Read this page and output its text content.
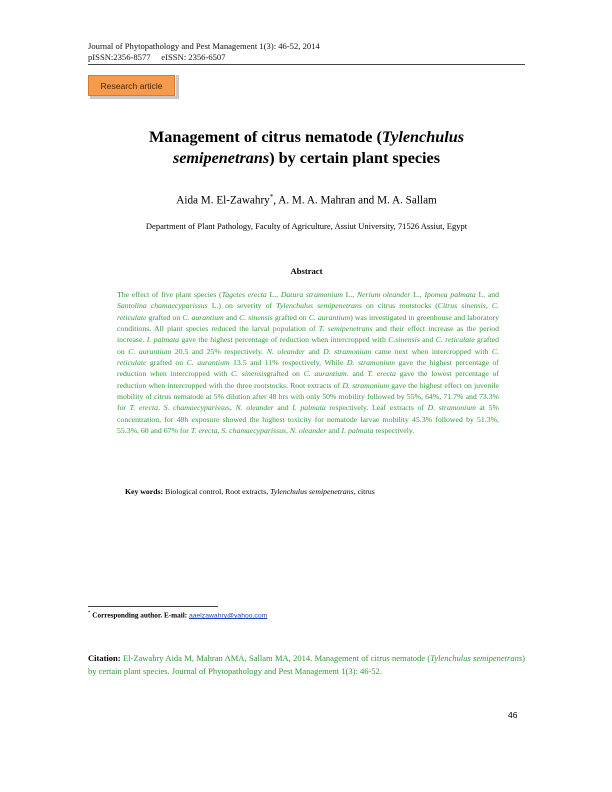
Journal of Phytopathology and Pest Management 1(3): 46-52, 2014
pISSN:2356-8577     eISSN: 2356-6507
Research article
Management of citrus nematode (Tylenchulus
semipenetrans) by certain plant species
Aida M. El-Zawahry*, A. M. A. Mahran and M. A. Sallam
Department of Plant Pathology, Faculty of Agriculture, Assiut University, 71526 Assiut, Egypt
Abstract
The effect of five plant species (Tagetes erecta L., Datura stramonium L., Nerium oleander L., Ipomea palmata L. and Santolina chamaecyparissus L.) on severity of Tylenchulus semipenetrans on citrus rootstocks (Citrus sinensis, C. reticulate grafted on C. aurantium and C. sinensis grafted on C. aurantium) was investigated in greenhouse and laboratory conditions. All plant species reduced the larval population of T. semipenetrans and their effect increase as the period increase. I. palmata gave the highest percentage of reduction when intercropped with C.sinensis and C. reticulate grafted on C. aurantium 20.5 and 25% respectively. N. oleander and D. stramonium came next when intercropped with C. reticulate grafted on C. aurantium 13.5 and 11% respectively, While D. stramonium gave the highest percentage of reduction when intercropped with C. sinensisgrafted on C. aurantium. and T. erecta gave the lowest percentage of reduction when intercropped with the three rootstocks. Root extracts of D. stramonium gave the highest effect on juvenile mobility of citrus nematode at 5% dilution after 48 hrs with only 50% mobility followed by 55%, 64%, 71.7% and 73.3% for T. erecta, S. chamaecyparissus, N. oleander and I. palmata respectively. Leaf extracts of D. stramonium at 5% concentration, for 48h exposure showed the highest toxicity for nematode larvae mobility 45.3% followed by 51.3%, 55.3%, 60 and 67% for T. erecta, S. chamaecyparissus, N. oleander and I. palmata respectively.
Key words: Biological control, Root extracts, Tylenchulus semipenetrans, citrus
* Corresponding author. E-mail: aaelzawahry@yahoo.com
Citation: El-Zawahry Aida M, Mahran AMA, Sallam MA, 2014. Management of citrus nematode (Tylenchulus semipenetrans) by certain plant species. Journal of Phytopathology and Pest Management 1(3): 46-52.
46
